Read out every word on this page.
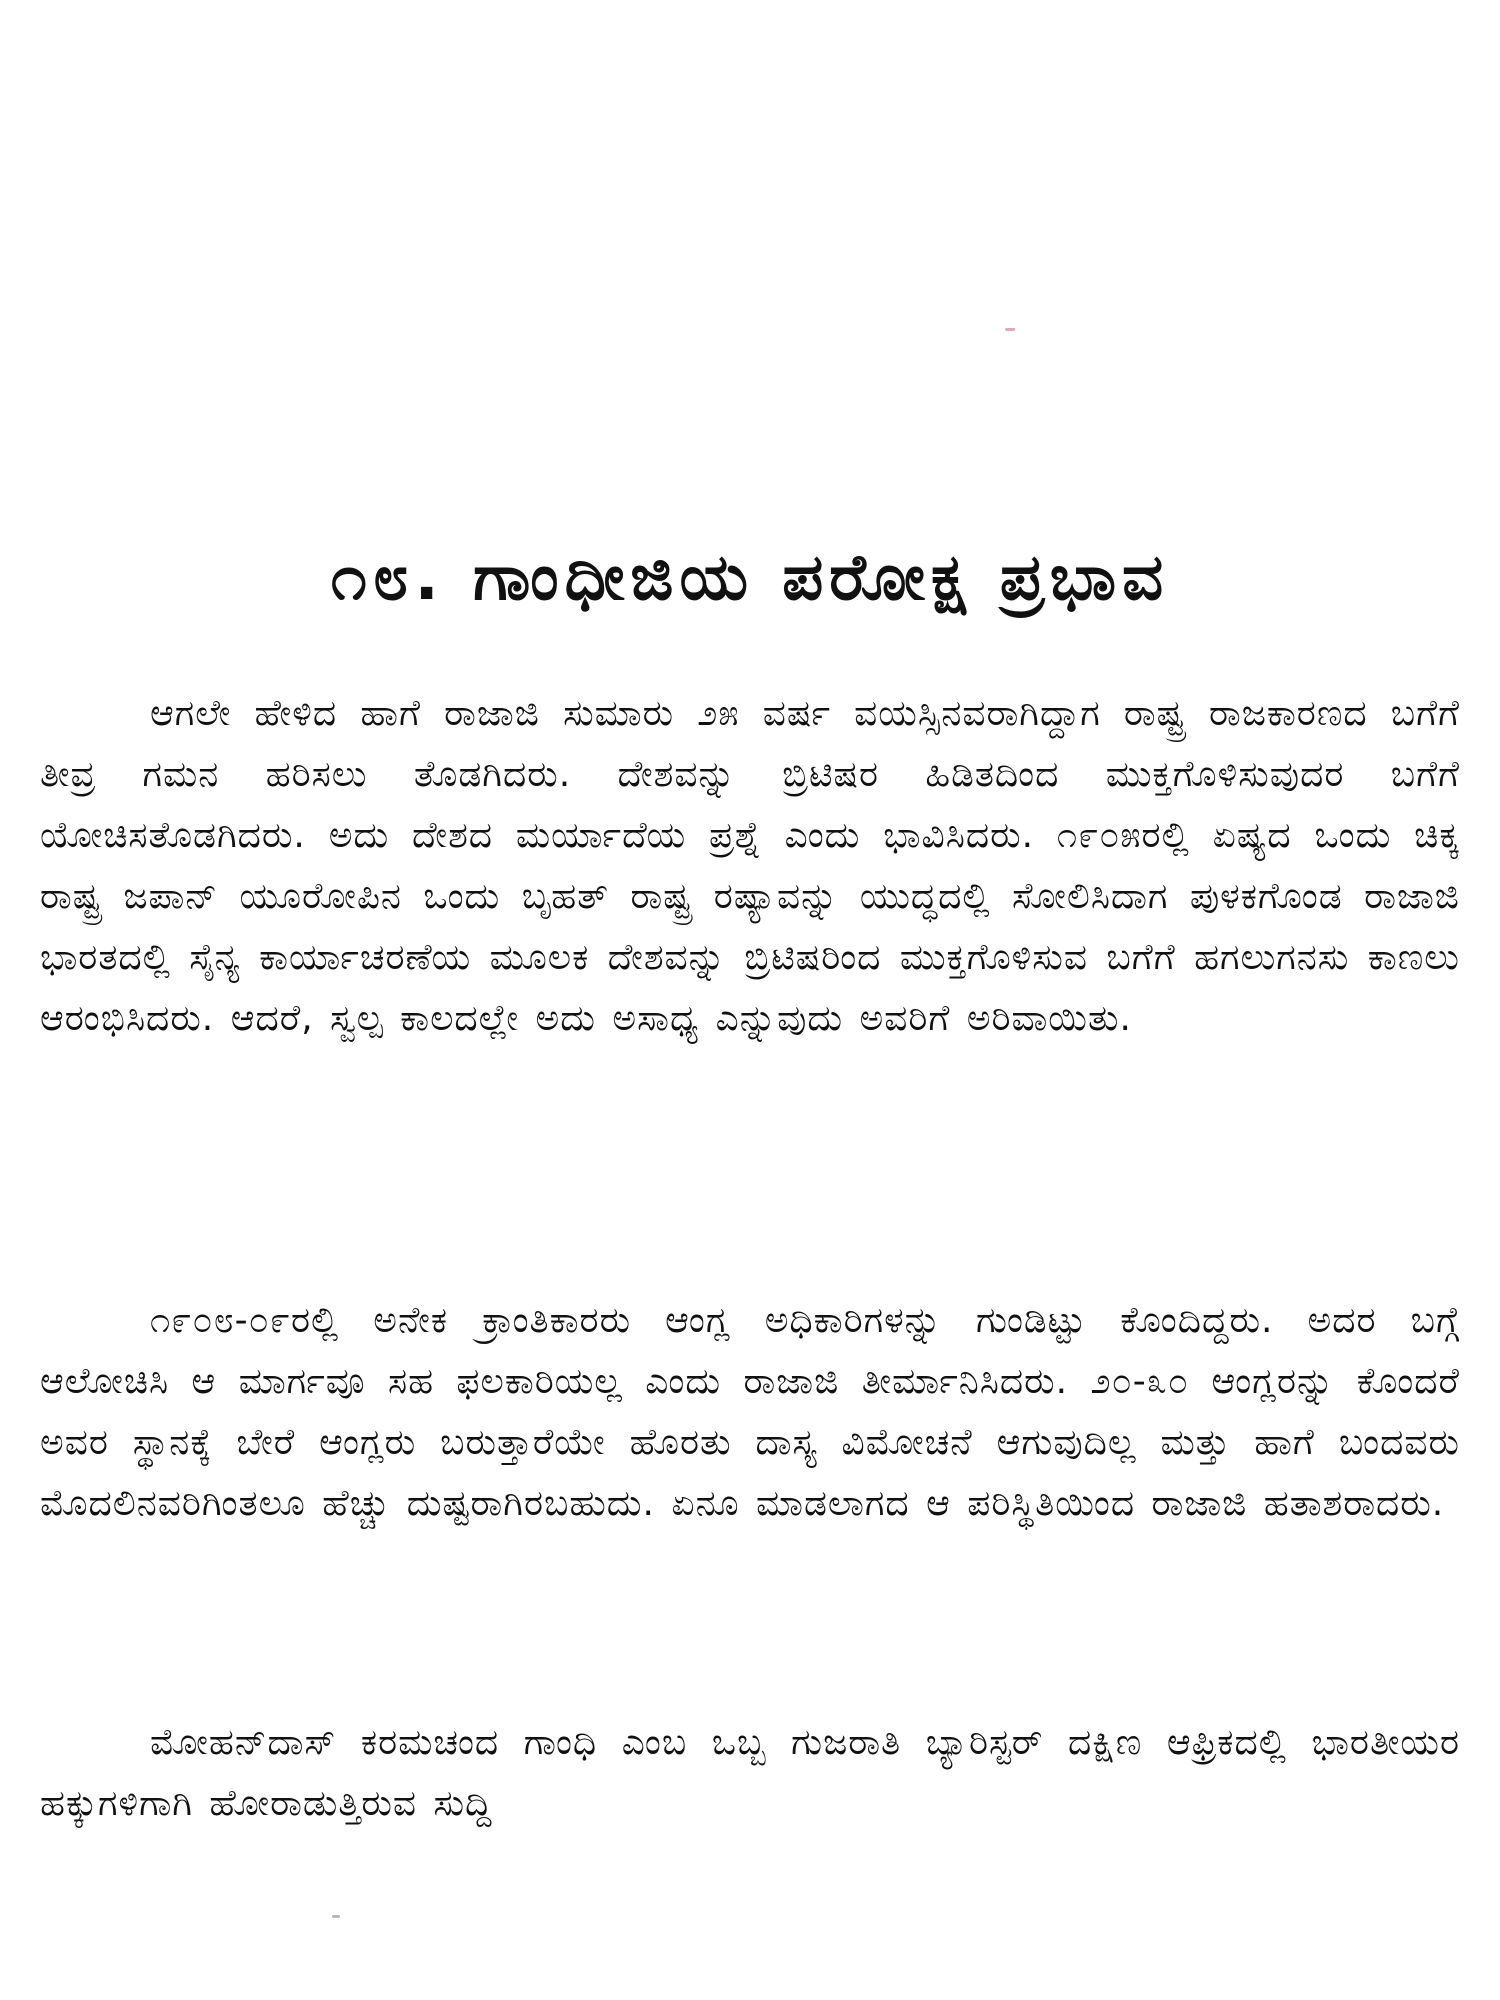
೧೮. ಗಾಂಧೀಜಿಯ ಪರೋಕ್ಷ ಪ್ರಭಾವ

ಆಗಲೇ ಹೇಳಿದ ಹಾಗೆ ರಾಜಾಜಿ ಸುಮಾರು ೨೫ ವರ್ಷ ವಯಸ್ಸಿನವರಾಗಿದ್ದಾಗ ರಾಷ್ಟ್ರ ರಾಜಕಾರಣದ ಬಗೆಗೆ ತೀವ್ರ ಗಮನ ಹರಿಸಲು ತೊಡಗಿದರು. ದೇಶವನ್ನು ಬ್ರಿಟಿಷರ ಹಿಡಿತದಿಂದ ಮುಕ್ತಗೊಳಿಸುವುದರ ಬಗೆಗೆ ಯೋಚಿಸತೊಡಗಿದರು. ಅದು ದೇಶದ ಮರ್ಯಾದೆಯ ಪ್ರಶ್ನೆ ಎಂದು ಭಾವಿಸಿದರು. ೧೯೦೫ರಲ್ಲಿ ಏಷ್ಯದ ಒಂದು ಚಿಕ್ಕ ರಾಷ್ಟ್ರ ಜಪಾನ್ ಯೂರೋಪಿನ ಒಂದು ಬೃಹತ್ ರಾಷ್ಟ್ರ ರಷ್ಯಾವನ್ನು ಯುದ್ಧದಲ್ಲಿ ಸೋಲಿಸಿದಾಗ ಪುಳಕಗೊಂಡ ರಾಜಾಜಿ ಭಾರತದಲ್ಲಿ ಸೈನ್ಯ ಕಾರ್ಯಾಚರಣೆಯ ಮೂಲಕ ದೇಶವನ್ನು ಬ್ರಿಟಿಷರಿಂದ ಮುಕ್ತಗೊಳಿಸುವ ಬಗೆಗೆ ಹಗಲುಗನಸು ಕಾಣಲು ಆರಂಭಿಸಿದರು. ಆದರೆ, ಸ್ವಲ್ಪ ಕಾಲದಲ್ಲೇ ಅದು ಅಸಾಧ್ಯ ಎನ್ನುವುದು ಅವರಿಗೆ ಅರಿವಾಯಿತು.

೧೯೦೮-೦೯ರಲ್ಲಿ ಅನೇಕ ಕ್ರಾಂತಿಕಾರರು ಆಂಗ್ಲ ಅಧಿಕಾರಿಗಳನ್ನು ಗುಂಡಿಟ್ಟು ಕೊಂದಿದ್ದರು. ಅದರ ಬಗ್ಗೆ ಆಲೋಚಿಸಿ ಆ ಮಾರ್ಗವೂ ಸಹ ಫಲಕಾರಿಯಲ್ಲ ಎಂದು ರಾಜಾಜಿ ತೀರ್ಮಾನಿಸಿದರು. ೨೦-೩೦ ಆಂಗ್ಲರನ್ನು ಕೊಂದರೆ ಅವರ ಸ್ಥಾನಕ್ಕೆ ಬೇರೆ ಆಂಗ್ಲರು ಬರುತ್ತಾರೆಯೇ ಹೊರತು ದಾಸ್ಯ ವಿಮೋಚನೆ ಆಗುವುದಿಲ್ಲ ಮತ್ತು ಹಾಗೆ ಬಂದವರು ಮೊದಲಿನವರಿಗಿಂತಲೂ ಹೆಚ್ಚು ದುಷ್ಟರಾಗಿರಬಹುದು. ಏನೂ ಮಾಡಲಾಗದ ಆ ಪರಿಸ್ಥಿತಿಯಿಂದ ರಾಜಾಜಿ ಹತಾಶರಾದರು.

ಮೋಹನ್‌ದಾಸ್ ಕರಮಚಂದ ಗಾಂಧಿ ಎಂಬ ಒಬ್ಬ ಗುಜರಾತಿ ಬ್ಯಾರಿಸ್ಟರ್ ದಕ್ಷಿಣ ಆಫ್ರಿಕದಲ್ಲಿ ಭಾರತೀಯರ ಹಕ್ಕುಗಳಿಗಾಗಿ ಹೋರಾಡುತ್ತಿರುವ ಸುದ್ದಿ
